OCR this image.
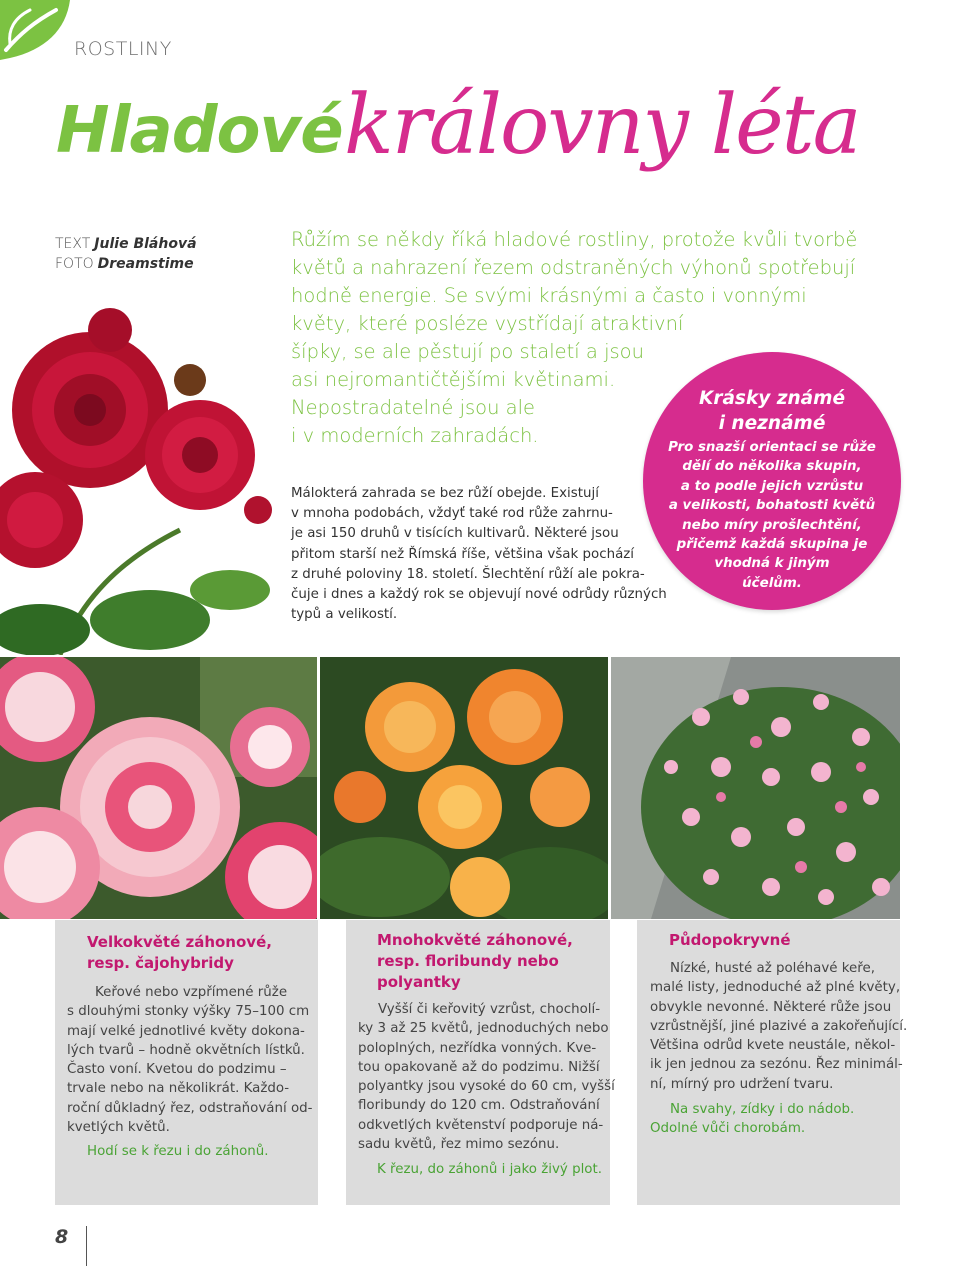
ROSTLINY
Hladové královny léta
TEXT Julie Bláhová
FOTO Dreamstime
Růžím se někdy říká hladové rostliny, protože kvůli tvorbě
květů a nahrazení řezem odstraněných výhonů spotřebují
hodně energie. Se svými krásnými a často i vonnými
květy, které posléze vystřídají atraktivní
šípky, se ale pěstují po staletí a jsou
asi nejromantičtějšími květinami.
Nepostradatelné jsou ale
i v moderních zahradách.
Málokterá zahrada se bez růží obejde. Existují
v mnoha podobách, vždyť také rod růže zahrnu-
je asi 150 druhů v tisících kultivarů. Některé jsou
přitom starší než Římská říše, většina však pochází
z druhé poloviny 18. století. Šlechtění růží ale pokra-
čuje i dnes a každý rok se objevují nové odrůdy různých
typů a velikostí.
Krásky známé
i neznámé
Pro snazší orientaci se růže
dělí do několika skupin,
a to podle jejich vzrůstu
a velikosti, bohatosti květů
nebo míry prošlechtění,
přičemž každá skupina je
vhodná k jiným
účelům.
Velkokvěté záhonové,
resp. čajohybridy
Keřové nebo vzpřímené růže
s dlouhými stonky výšky 75–100 cm
mají velké jednotlivé květy dokona-
lých tvarů – hodně okvětních lístků.
Často voní. Kvetou do podzimu –
trvale nebo na několikrát. Každo-
roční důkladný řez, odstraňování od-
kvetlých květů.
Hodí se k řezu i do záhonů.
Mnohokvěté záhonové,
resp. floribundy nebo
polyantky
Vyšší či keřovitý vzrůst, chocholí-
ky 3 až 25 květů, jednoduchých nebo
poloplných, nezřídka vonných. Kve-
tou opakovaně až do podzimu. Nižší
polyantky jsou vysoké do 60 cm, vyšší
floribundy do 120 cm. Odstraňování
odkvetlých květenství podporuje ná-
sadu květů, řez mimo sezónu.
K řezu, do záhonů i jako živý plot.
Půdopokryvné
Nízké, husté až poléhavé keře,
malé listy, jednoduché až plné květy,
obvykle nevonné. Některé růže jsou
vzrůstnější, jiné plazivé a zakořeňující.
Většina odrůd kvete neustále, někol-
ik jen jednou za sezónu. Řez minimál-
ní, mírný pro udržení tvaru.
Na svahy, zídky i do nádob.
Odolné vůči chorobám.
8
